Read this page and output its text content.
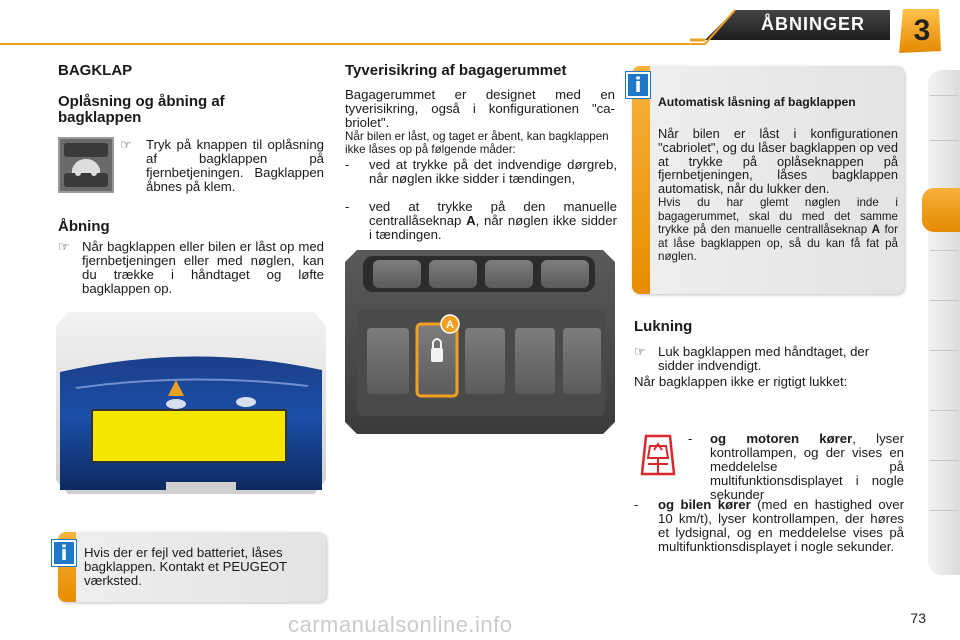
ÅBNINGER	3
BAGKLAP
Oplåsning og åbning af bagklappen
☞	Tryk på knappen til oplåsning af bagklappen på fjernbetjeningen. Bagklappen åbnes på klem.
Åbning
☞ Når bagklappen eller bilen er låst op med fjernbetjeningen eller med nøglen, kan du trække i håndtaget og løfte bagklappen op.
i	Hvis der er fejl ved batteriet, låses bagklappen. Kontakt et PEUGEOT værksted.
Tyverisikring af bagagerummet
Bagagerummet er designet med en tyverisikring, også i konfigurationen "ca-briolet".
Når bilen er låst, og taget er åbent, kan bagklappen ikke låses op på følgende måder:
-	ved at trykke på det indvendige dørgreb, når nøglen ikke sidder i tændingen,
-	ved at trykke på den manuelle centrallåseknap A, når nøglen ikke sidder i tændingen.
A
i
Automatisk låsning af bagklappen
Når bilen er låst i konfigurationen "cabriolet", og du låser bagklappen op ved at trykke på oplåseknappen på fjernbetjeningen, låses bagklappen automatisk, når du lukker den.
Hvis du har glemt nøglen inde i bagagerummet, skal du med det samme trykke på den manuelle centrallåseknap A for at låse bagklappen op, så du kan få fat på nøglen.
Lukning
☞ Luk bagklappen med håndtaget, der sidder indvendigt.
Når bagklappen ikke er rigtigt lukket:
-	og motoren kører, lyser kontrollampen, og der vises en meddelelse på multifunktionsdisplayet i nogle sekunder
-	og bilen kører (med en hastighed over 10 km/t), lyser kontrollampen, der høres et lydsignal, og en meddelelse vises på multifunktionsdisplayet i nogle sekunder.
73
carmanualsonline.info
